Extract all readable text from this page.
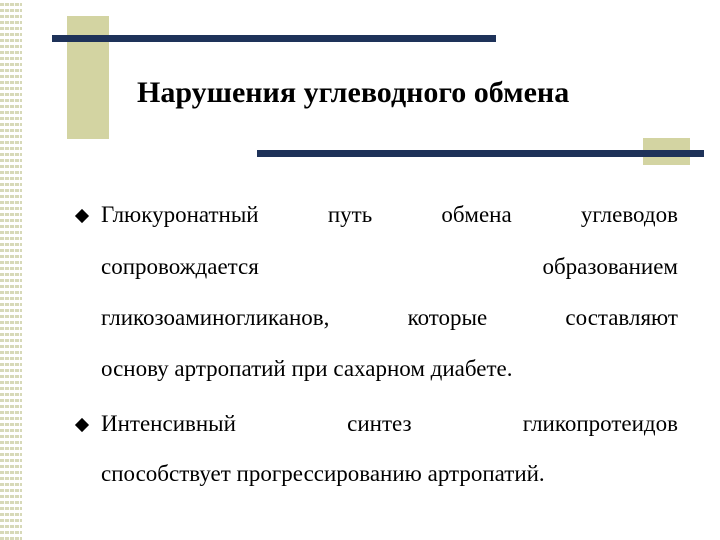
Нарушения углеводного обмена
Глюкуронатный	путь	обмена	углеводов
сопровождается	образованием
гликозоаминогликанов,	которые	составляют
основу артропатий при сахарном диабете.
Интенсивный	синтез	гликопротеидов
способствует прогрессированию артропатий.
